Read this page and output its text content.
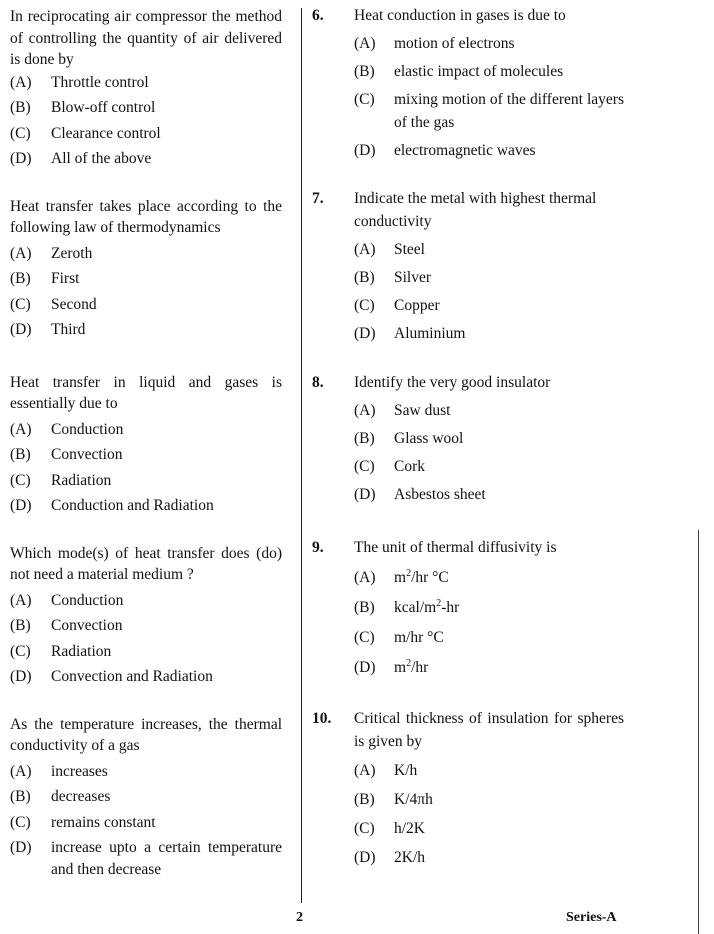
In reciprocating air compressor the method of controlling the quantity of air delivered is done by
(A)	Throttle control
(B)	Blow-off control
(C)	Clearance control
(D)	All of the above
Heat transfer takes place according to the following law of thermodynamics
(A)	Zeroth
(B)	First
(C)	Second
(D)	Third
Heat transfer in liquid and gases is essentially due to
(A)	Conduction
(B)	Convection
(C)	Radiation
(D)	Conduction and Radiation
Which mode(s) of heat transfer does (do) not need a material medium ?
(A)	Conduction
(B)	Convection
(C)	Radiation
(D)	Convection and Radiation
As the temperature increases, the thermal conductivity of a gas
(A)	increases
(B)	decreases
(C)	remains constant
(D)	increase upto a certain temperature and then decrease
6.	Heat conduction in gases is due to
(A)	motion of electrons
(B)	elastic impact of molecules
(C)	mixing motion of the different layers of the gas
(D)	electromagnetic waves
7.	Indicate the metal with highest thermal conductivity
(A)	Steel
(B)	Silver
(C)	Copper
(D)	Aluminium
8.	Identify the very good insulator
(A)	Saw dust
(B)	Glass wool
(C)	Cork
(D)	Asbestos sheet
9.	The unit of thermal diffusivity is
(A)	$m^2/hr$ °C
(B)	kcal/$m^2-hr$
(C)	m/hr °C
(D)	$m^2/hr$
10.	Critical thickness of insulation for spheres is given by
(A)	K/h
(B)	K/4πh
(C)	h/2K
(D)	2K/h
2	Series-A
